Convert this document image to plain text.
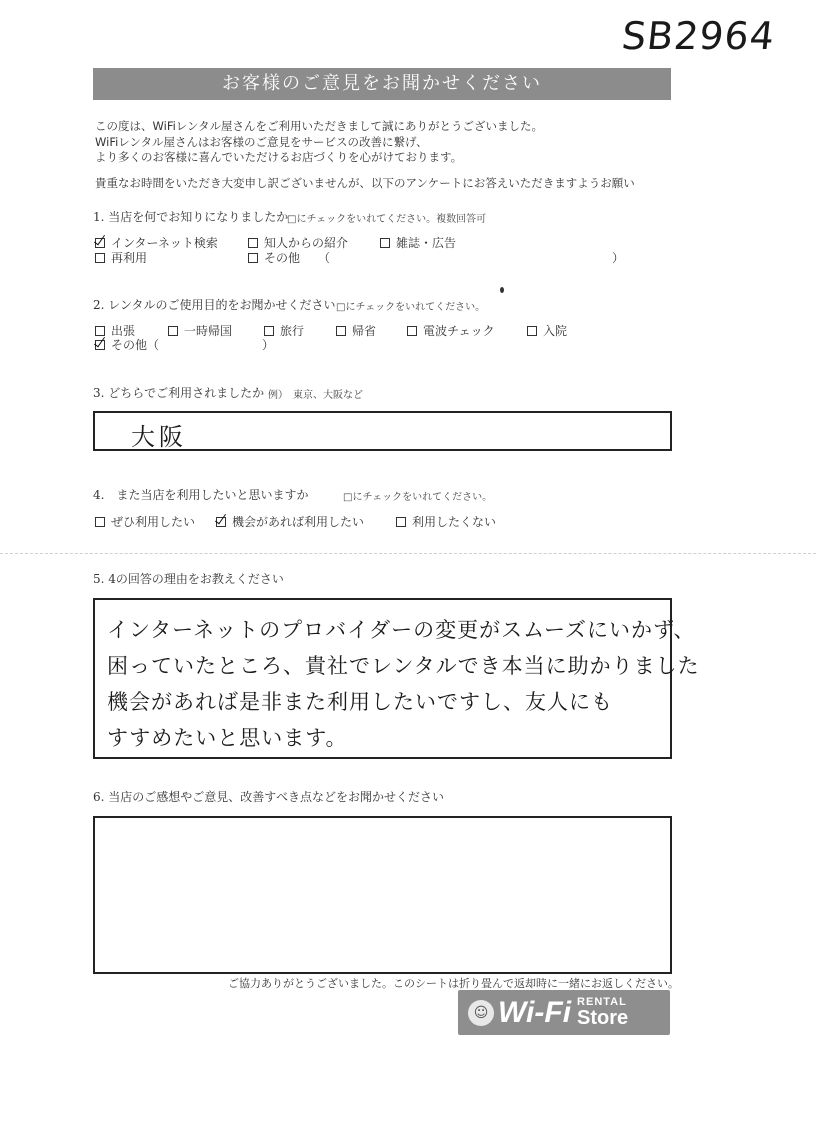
SB2964
お客様のご意見をお聞かせください
この度は、WiFiレンタル屋さんをご利用いただきまして誠にありがとうございました。
WiFiレンタル屋さんはお客様のご意見をサービスの改善に繋げ、
より多くのお客様に喜んでいただけるお店づくりを心がけております。
貴重なお時間をいただき大変申し訳ございませんが、以下のアンケートにお答えいただきますようお願い
1. 当店を何でお知りになりましたか
□にチェックをいれてください。複数回答可
インターネット検索	知人からの紹介	雑誌・広告
再利用	その他 （	）
2. レンタルのご使用目的をお聞かせください □にチェックをいれてください。
出張	一時帰国	旅行	帰省	電波チェック	入院
その他（	）
3. どちらでご利用されましたか 例）　東京、大阪など
大阪
4.　また当店を利用したいと思いますか	□にチェックをいれてください。
ぜひ利用したい	機会があれば利用したい	利用したくない
5. 4の回答の理由をお教えください
インターネットのプロバイダーの変更がスムーズにいかず、
困っていたところ、貴社でレンタルでき本当に助かりました
機会があれば是非また利用したいですし、友人にも
すすめたいと思います。
6. 当店のご感想やご意見、改善すべき点などをお聞かせください
ご協力ありがとうございました。このシートは折り畳んで返却時に一緒にお返しください。
☺ Wi-Fi RENTAL
Store
